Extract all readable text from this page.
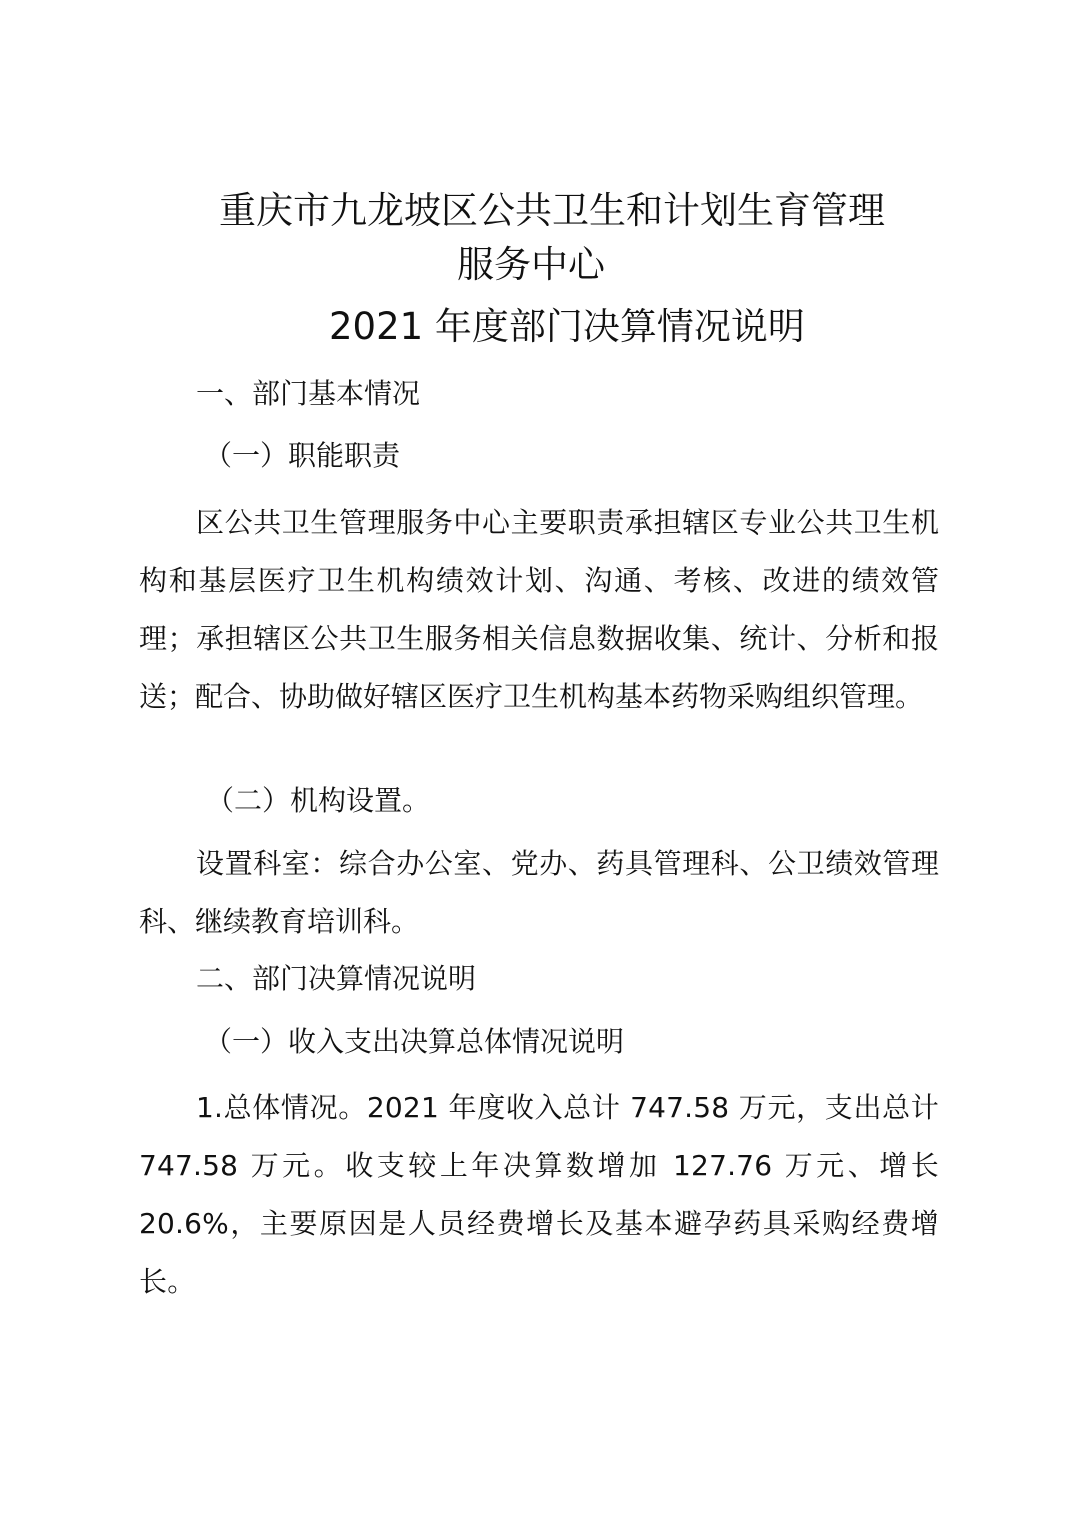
重庆市九龙坡区公共卫生和计划生育管理
服务中心
2021 年度部门决算情况说明
一、部门基本情况
（一）职能职责

区公共卫生管理服务中心主要职责承担辖区专业公共卫生机构和基层医疗卫生机构绩效计划、沟通、考核、改进的绩效管理；承担辖区公共卫生服务相关信息数据收集、统计、分析和报送；配合、协助做好辖区医疗卫生机构基本药物采购组织管理。

（二）机构设置。

设置科室：综合办公室、党办、药具管理科、公卫绩效管理科、继续教育培训科。

二、部门决算情况说明
（一）收入支出决算总体情况说明

1.总体情况。2021 年度收入总计 747.58 万元，支出总计 747.58 万元。收支较上年决算数增加 127.76 万元、增长20.6%，主要原因是人员经费增长及基本避孕药具采购经费增长。
